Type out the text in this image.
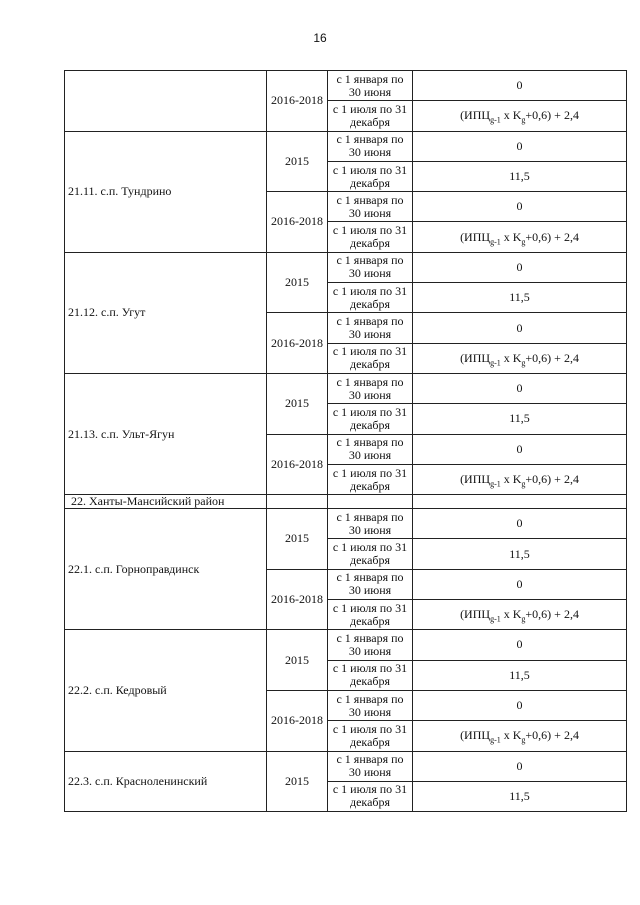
16
	2016-2018	с 1 января по 30 июня	0
		с 1 июля по 31 декабря	($ИПЦ_{g-1}$ х $K_g+0,6) + 2,4$
21.11. с.п. Тундрино	2015	с 1 января по 30 июня	0
		с 1 июля по 31 декабря	11,5
	2016-2018	с 1 января по 30 июня	0
		с 1 июля по 31 декабря	($ИПЦ_{g-1}$ х $K_g+0,6) + 2,4$
21.12. с.п. Угут	2015	с 1 января по 30 июня	0
		с 1 июля по 31 декабря	11,5
	2016-2018	с 1 января по 30 июня	0
		с 1 июля по 31 декабря	($ИПЦ_{g-1}$ х $K_g+0,6) + 2,4$
21.13. с.п. Ульт-Ягун	2015	с 1 января по 30 июня	0
		с 1 июля по 31 декабря	11,5
	2016-2018	с 1 января по 30 июня	0
		с 1 июля по 31 декабря	($ИПЦ_{g-1}$ х $K_g+0,6) + 2,4$
22. Ханты-Мансийский район			
22.1. с.п. Горноправдинск	2015	с 1 января по 30 июня	0
		с 1 июля по 31 декабря	11,5
	2016-2018	с 1 января по 30 июня	0
		с 1 июля по 31 декабря	($ИПЦ_{g-1}$ х $K_g+0,6) + 2,4$
22.2. с.п. Кедровый	2015	с 1 января по 30 июня	0
		с 1 июля по 31 декабря	11,5
	2016-2018	с 1 января по 30 июня	0
		с 1 июля по 31 декабря	($ИПЦ_{g-1}$ х $K_g+0,6) + 2,4$
22.3. с.п. Красноленинский	2015	с 1 января по 30 июня	0
		с 1 июля по 31 декабря	11,5
